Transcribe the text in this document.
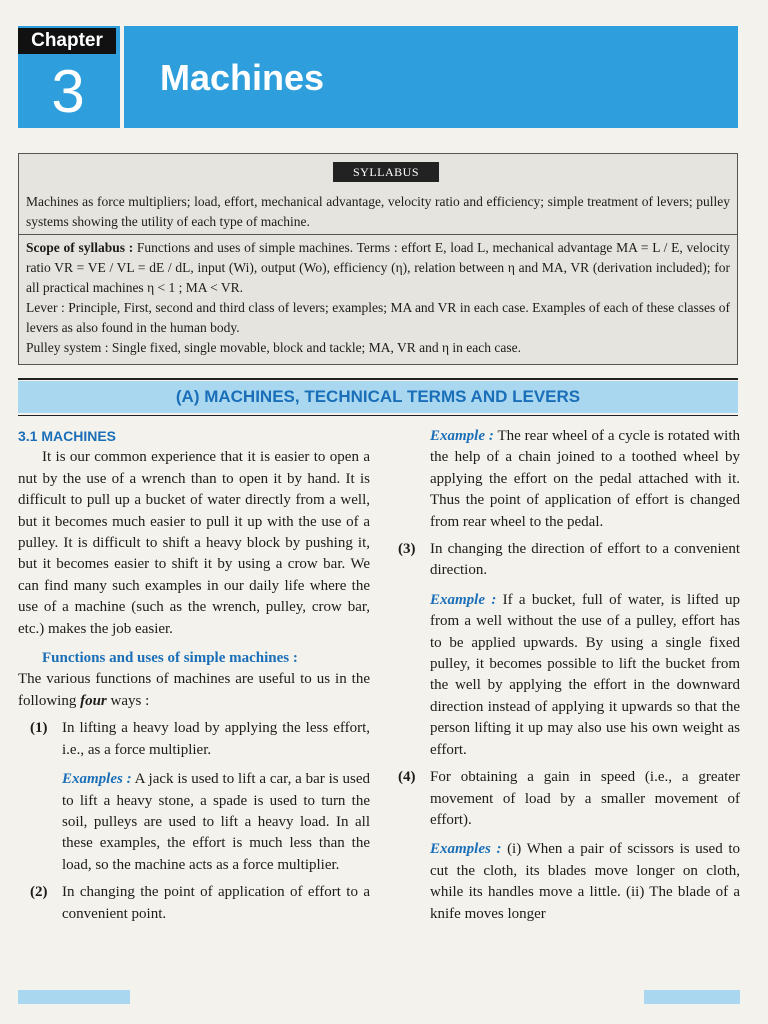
Chapter
3	Machines
SYLLABUS
Machines as force multipliers; load, effort, mechanical advantage, velocity ratio and efficiency; simple treatment of levers; pulley systems showing the utility of each type of machine.

Scope of syllabus : Functions and uses of simple machines. Terms : effort E, load L, mechanical advantage MA = L / E, velocity ratio VR = VE / VL = dE / dL, input (Wi), output (Wo), efficiency (η), relation between η and MA, VR (derivation included); for all practical machines η < 1 ; MA < VR.

Lever : Principle, First, second and third class of levers; examples; MA and VR in each case. Examples of each of these classes of levers as also found in the human body.

Pulley system : Single fixed, single movable, block and tackle; MA, VR and η in each case.

(A) MACHINES, TECHNICAL TERMS AND LEVERS

3.1 MACHINES

It is our common experience that it is easier to open a nut by the use of a wrench than to open it by hand. It is difficult to pull up a bucket of water directly from a well, but it becomes much easier to pull it up with the use of a pulley. It is difficult to shift a heavy block by pushing it, but it becomes easier to shift it by using a crow bar. We can find many such examples in our daily life where the use of a machine (such as the wrench, pulley, crow bar, etc.) makes the job easier.

Functions and uses of simple machines :

The various functions of machines are useful to us in the following four ways :

(1) In lifting a heavy load by applying the less effort, i.e., as a force multiplier.

Examples : A jack is used to lift a car, a bar is used to lift a heavy stone, a spade is used to turn the soil, pulleys are used to lift a heavy load. In all these examples, the effort is much less than the load, so the machine acts as a force multiplier.

(2) In changing the point of application of effort to a convenient point.

Example : The rear wheel of a cycle is rotated with the help of a chain joined to a toothed wheel by applying the effort on the pedal attached with it. Thus the point of application of effort is changed from rear wheel to the pedal.

(3) In changing the direction of effort to a convenient direction.

Example : If a bucket, full of water, is lifted up from a well without the use of a pulley, effort has to be applied upwards. By using a single fixed pulley, it becomes possible to lift the bucket from the well by applying the effort in the downward direction instead of applying it upwards so that the person lifting it up may also use his own weight as effort.

(4) For obtaining a gain in speed (i.e., a greater movement of load by a smaller movement of effort).

Examples : (i) When a pair of scissors is used to cut the cloth, its blades move longer on cloth, while its handles move a little. (ii) The blade of a knife moves longer
